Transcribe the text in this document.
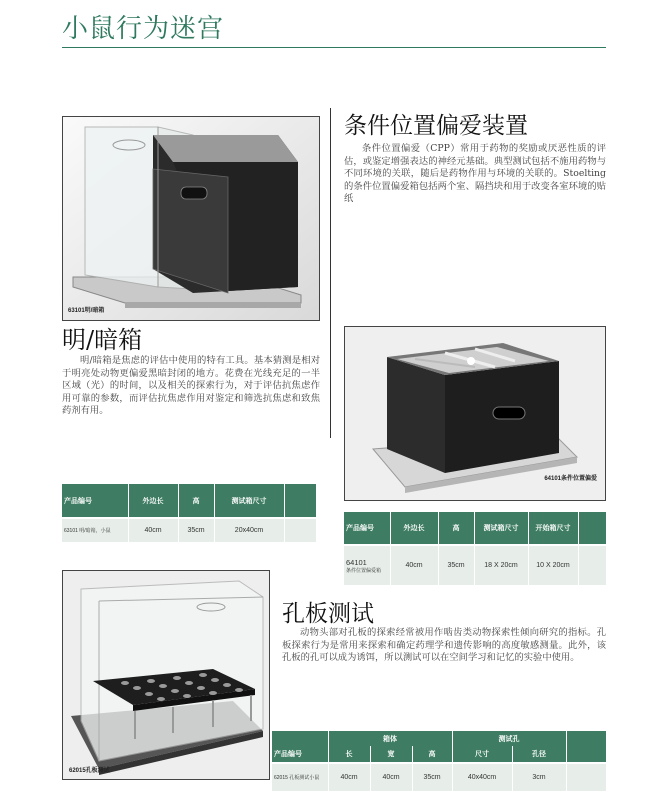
小鼠行为迷宫
63101明/暗箱
明/暗箱
明/暗箱是焦虑的评估中使用的特有工具。基本猜测是相对于明亮处动物更偏爱黑暗封闭的地方。花费在光线充足的一半区域（光）的时间，以及相关的探索行为，对于评估抗焦虑作用可靠的参数，而评估抗焦虑作用对鉴定和筛选抗焦虑和致焦药剂有用。
产品编号	外边长	高	测试箱尺寸	
63101 明/暗箱，小鼠	40cm	35cm	20x40cm	
条件位置偏爱装置
条件位置偏爱（CPP）常用于药物的奖励或厌恶性质的评估，或鉴定增强表达的神经元基础。典型测试包括不施用药物与不同环境的关联，随后是药物作用与环境的关联的。Stoelting的条件位置偏爱箱包括两个室、隔挡块和用于改变各室环境的贴纸
64101条件位置偏爱
产品编号	外边长	高	测试箱尺寸	开始箱尺寸	

64101
条件位置偏爱箱	40cm	35cm	18 X 20cm	10 X 20cm	
62015孔板测试
孔板测试
动物头部对孔板的探索经常被用作啮齿类动物探索性倾向研究的指标。孔板探索行为是常用来探索和确定药理学和遗传影响的高度敏感测量。此外，该孔板的孔可以成为诱饵，所以测试可以在空间学习和记忆的实验中使用。
	箱体			测试孔		
产品编号	长	宽	高	尺寸	孔径	
62015 孔板测试小鼠	40cm	40cm	35cm	40x40cm	3cm	
